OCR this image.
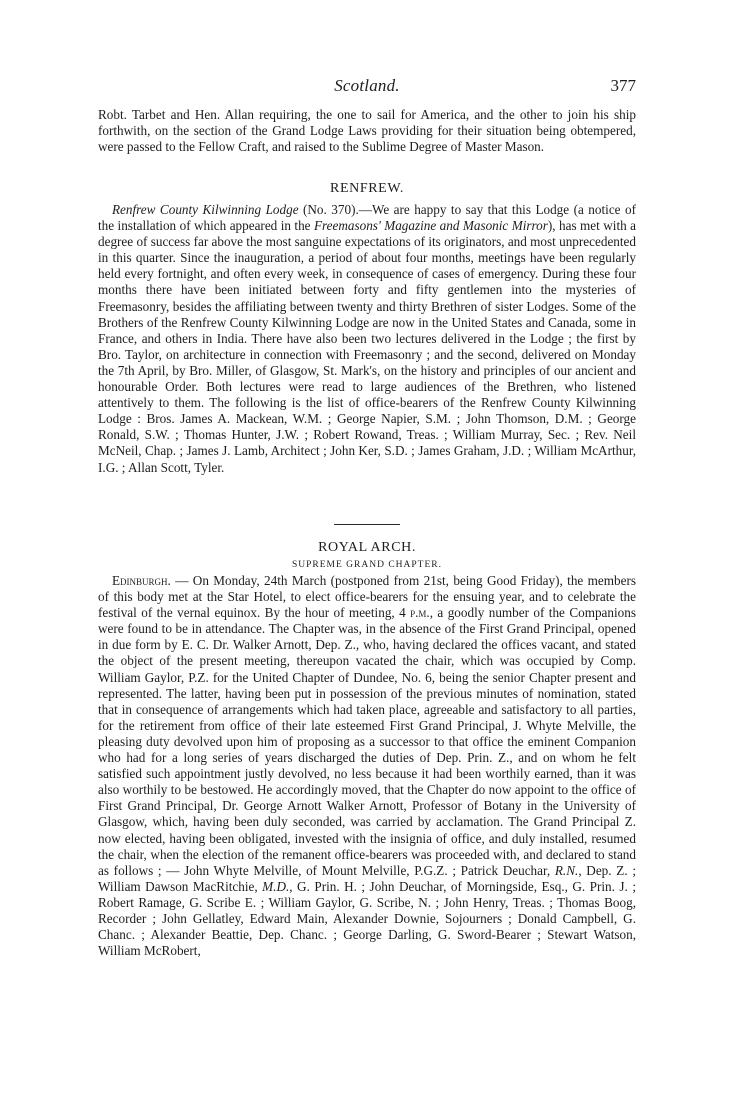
Scotland.	377

Robt. Tarbet and Hen. Allan requiring, the one to sail for America, and the other to join his ship forthwith, on the section of the Grand Lodge Laws providing for their situation being obtempered, were passed to the Fellow Craft, and raised to the Sublime Degree of Master Mason.

RENFREW.

Renfrew County Kilwinning Lodge (No. 370).—We are happy to say that this Lodge (a notice of the installation of which appeared in the Freemasons' Magazine and Masonic Mirror), has met with a degree of success far above the most sanguine expectations of its originators, and most unprecedented in this quarter. Since the inauguration, a period of about four months, meetings have been regularly held every fortnight, and often every week, in consequence of cases of emergency. During these four months there have been initiated between forty and fifty gentlemen into the mysteries of Freemasonry, besides the affiliating between twenty and thirty Brethren of sister Lodges. Some of the Brothers of the Renfrew County Kilwinning Lodge are now in the United States and Canada, some in France, and others in India. There have also been two lectures delivered in the Lodge ; the first by Bro. Taylor, on architecture in connection with Freemasonry ; and the second, delivered on Monday the 7th April, by Bro. Miller, of Glasgow, St. Mark's, on the history and principles of our ancient and honourable Order. Both lectures were read to large audiences of the Brethren, who listened attentively to them. The following is the list of office-bearers of the Renfrew County Kilwinning Lodge : Bros. James A. Mackean, W.M. ; George Napier, S.M. ; John Thomson, D.M. ; George Ronald, S.W. ; Thomas Hunter, J.W. ; Robert Rowand, Treas. ; William Murray, Sec. ; Rev. Neil McNeil, Chap. ; James J. Lamb, Architect ; John Ker, S.D. ; James Graham, J.D. ; William McArthur, I.G. ; Allan Scott, Tyler.

ROYAL ARCH.

SUPREME GRAND CHAPTER.

Edinburgh. — On Monday, 24th March (postponed from 21st, being Good Friday), the members of this body met at the Star Hotel, to elect office-bearers for the ensuing year, and to celebrate the festival of the vernal equinox. By the hour of meeting, 4 p.m., a goodly number of the Companions were found to be in attendance. The Chapter was, in the absence of the First Grand Principal, opened in due form by E. C. Dr. Walker Arnott, Dep. Z., who, having declared the offices vacant, and stated the object of the present meeting, thereupon vacated the chair, which was occupied by Comp. William Gaylor, P.Z. for the United Chapter of Dundee, No. 6, being the senior Chapter present and represented. The latter, having been put in possession of the previous minutes of nomination, stated that in consequence of arrangements which had taken place, agreeable and satisfactory to all parties, for the retirement from office of their late esteemed First Grand Principal, J. Whyte Melville, the pleasing duty devolved upon him of proposing as a successor to that office the eminent Companion who had for a long series of years discharged the duties of Dep. Prin. Z., and on whom he felt satisfied such appointment justly devolved, no less because it had been worthily earned, than it was also worthily to be bestowed. He accordingly moved, that the Chapter do now appoint to the office of First Grand Principal, Dr. George Arnott Walker Arnott, Professor of Botany in the University of Glasgow, which, having been duly seconded, was carried by acclamation. The Grand Principal Z. now elected, having been obligated, invested with the insignia of office, and duly installed, resumed the chair, when the election of the remanent office-bearers was proceeded with, and declared to stand as follows ; — John Whyte Melville, of Mount Melville, P.G.Z. ; Patrick Deuchar, R.N., Dep. Z. ; William Dawson MacRitchie, M.D., G. Prin. H. ; John Deuchar, of Morningside, Esq., G. Prin. J. ; Robert Ramage, G. Scribe E. ; William Gaylor, G. Scribe, N. ; John Henry, Treas. ; Thomas Boog, Recorder ; John Gellatley, Edward Main, Alexander Downie, Sojourners ; Donald Campbell, G. Chanc. ; Alexander Beattie, Dep. Chanc. ; George Darling, G. Sword-Bearer ; Stewart Watson, William McRobert,
